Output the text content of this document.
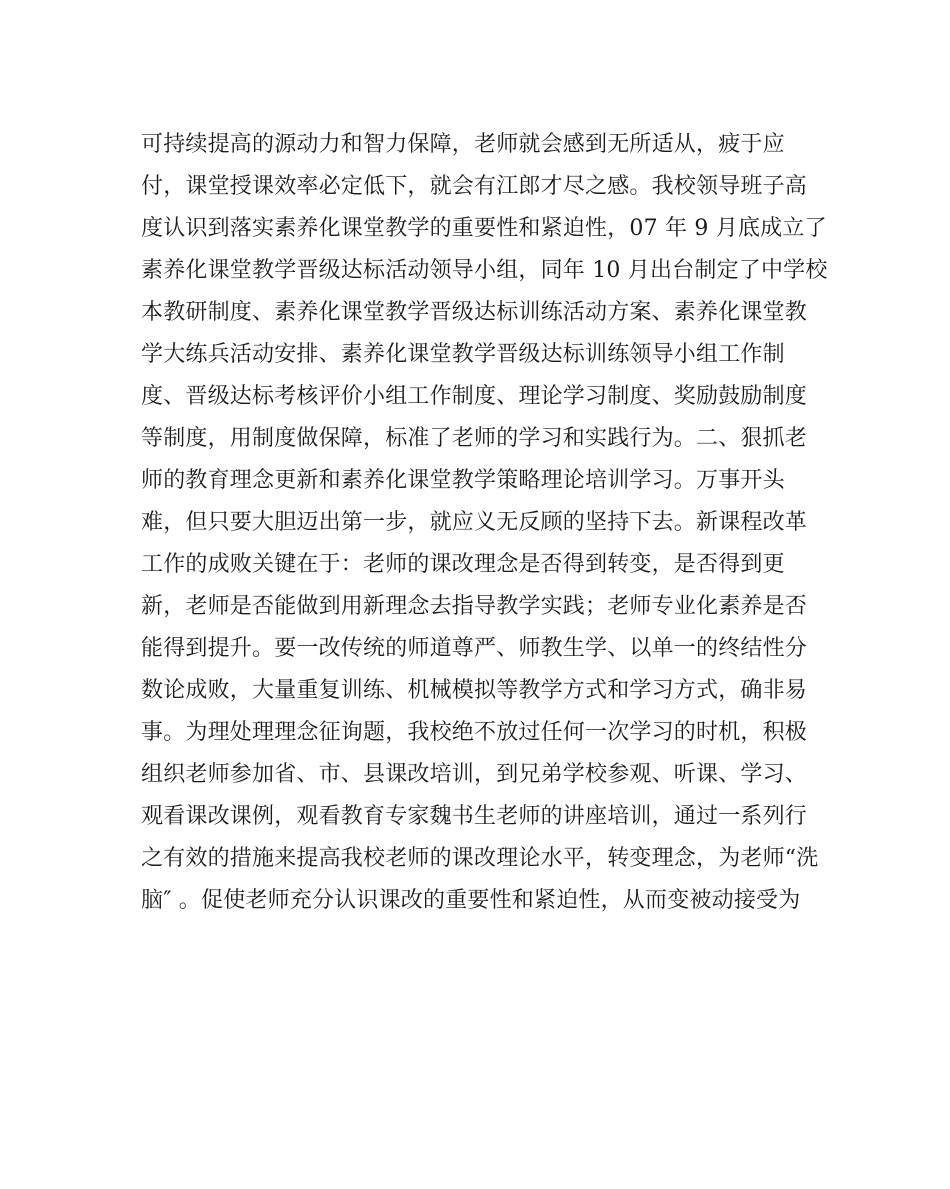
可持续提高的源动力和智力保障，老师就会感到无所适从，疲于应
付，课堂授课效率必定低下，就会有江郎才尽之感。我校领导班子高
度认识到落实素养化课堂教学的重要性和紧迫性，07 年 9 月底成立了
素养化课堂教学晋级达标活动领导小组，同年 10 月出台制定了中学校
本教研制度、素养化课堂教学晋级达标训练活动方案、素养化课堂教
学大练兵活动安排、素养化课堂教学晋级达标训练领导小组工作制
度、晋级达标考核评价小组工作制度、理论学习制度、奖励鼓励制度
等制度，用制度做保障，标准了老师的学习和实践行为。二、狠抓老
师的教育理念更新和素养化课堂教学策略理论培训学习。万事开头
难，但只要大胆迈出第一步，就应义无反顾的坚持下去。新课程改革
工作的成败关键在于：老师的课改理念是否得到转变，是否得到更
新，老师是否能做到用新理念去指导教学实践；老师专业化素养是否
能得到提升。要一改传统的师道尊严、师教生学、以单一的终结性分
数论成败，大量重复训练、机械模拟等教学方式和学习方式，确非易
事。为理处理理念征询题，我校绝不放过任何一次学习的时机，积极
组织老师参加省、市、县课改培训，到兄弟学校参观、听课、学习、
观看课改课例，观看教育专家魏书生老师的讲座培训，通过一系列行
之有效的措施来提高我校老师的课改理论水平，转变理念，为老师“洗
脑″ 。促使老师充分认识课改的重要性和紧迫性，从而变被动接受为
